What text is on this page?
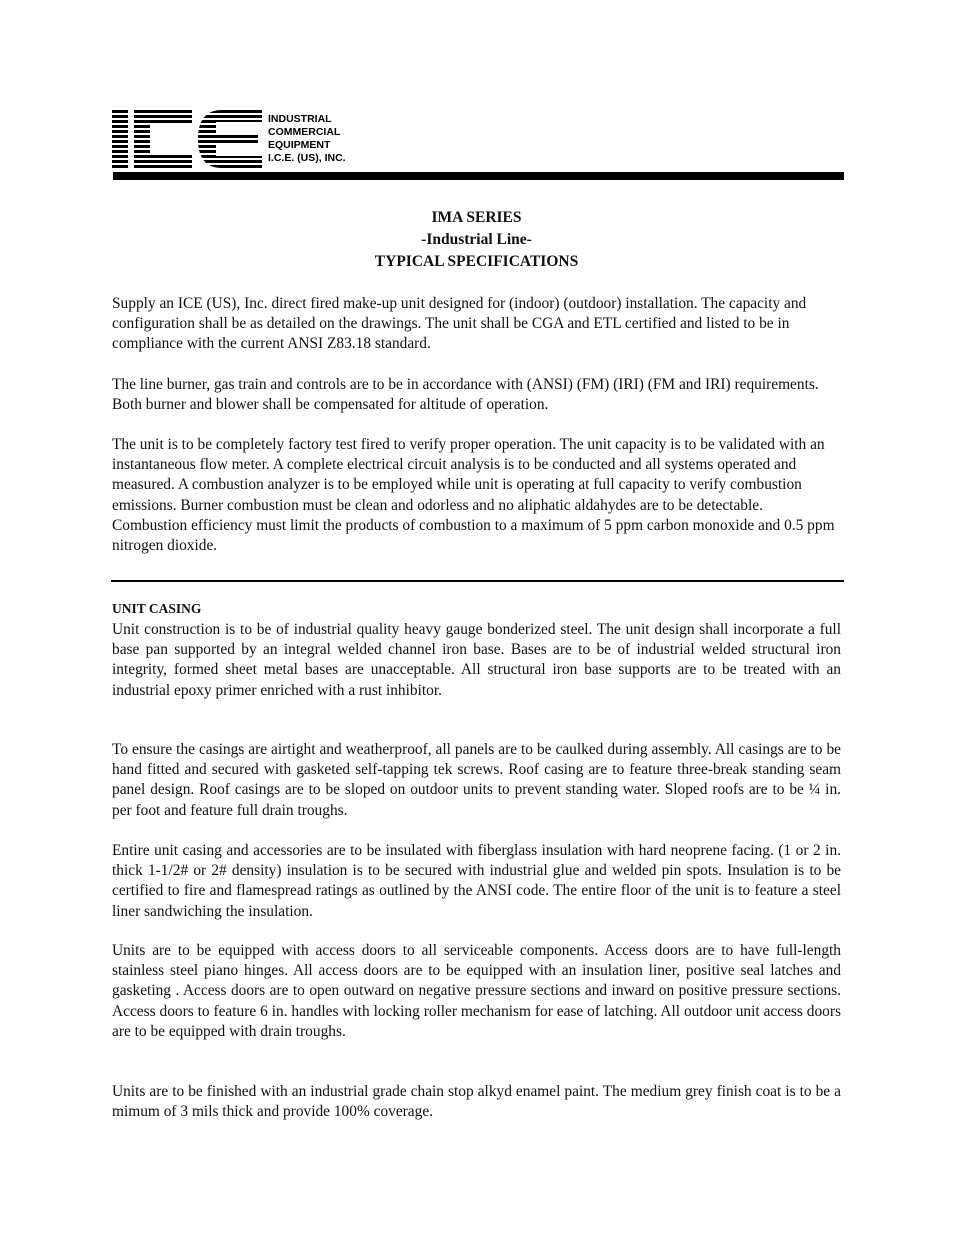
INDUSTRIAL
COMMERCIAL
EQUIPMENT
I.C.E. (US), INC.
IMA SERIES
-Industrial Line-
TYPICAL SPECIFICATIONS
Supply an ICE (US), Inc. direct fired make-up unit designed for (indoor) (outdoor) installation. The capacity and configuration shall be as detailed on the drawings. The unit shall be CGA and ETL certified and listed to be in compliance with the current ANSI Z83.18 standard.
The line burner, gas train and controls are to be in accordance with (ANSI) (FM) (IRI) (FM and IRI) requirements. Both burner and blower shall be compensated for altitude of operation.
The unit is to be completely factory test fired to verify proper operation. The unit capacity is to be validated with an instantaneous flow meter. A complete electrical circuit analysis is to be conducted and all systems operated and measured. A combustion analyzer is to be employed while unit is operating at full capacity to verify combustion emissions. Burner combustion must be clean and odorless and no aliphatic aldahydes are to be detectable. Combustion efficiency must limit the products of combustion to a maximum of 5 ppm carbon monoxide and 0.5 ppm nitrogen dioxide.
UNIT CASING
Unit construction is to be of industrial quality heavy gauge bonderized steel. The unit design shall incorporate a full base pan supported by an integral welded channel iron base. Bases are to be of industrial welded structural iron integrity, formed sheet metal bases are unacceptable. All structural iron base supports are to be treated with an industrial epoxy primer enriched with a rust inhibitor.
To ensure the casings are airtight and weatherproof, all panels are to be caulked during assembly. All casings are to be hand fitted and secured with gasketed self-tapping tek screws. Roof casing are to feature three-break standing seam panel design. Roof casings are to be sloped on outdoor units to prevent standing water. Sloped roofs are to be ¼ in. per foot and feature full drain troughs.
Entire unit casing and accessories are to be insulated with fiberglass insulation with hard neoprene facing. (1 or 2 in. thick 1-1/2# or 2# density) insulation is to be secured with industrial glue and welded pin spots. Insulation is to be certified to fire and flamespread ratings as outlined by the ANSI code. The entire floor of the unit is to feature a steel liner sandwiching the insulation.
Units are to be equipped with access doors to all serviceable components. Access doors are to have full-length stainless steel piano hinges. All access doors are to be equipped with an insulation liner, positive seal latches and gasketing . Access doors are to open outward on negative pressure sections and inward on positive pressure sections. Access doors to feature 6 in. handles with locking roller mechanism for ease of latching. All outdoor unit access doors are to be equipped with drain troughs.
Units are to be finished with an industrial grade chain stop alkyd enamel paint. The medium grey finish coat is to be a mimum of 3 mils thick and provide 100% coverage.
